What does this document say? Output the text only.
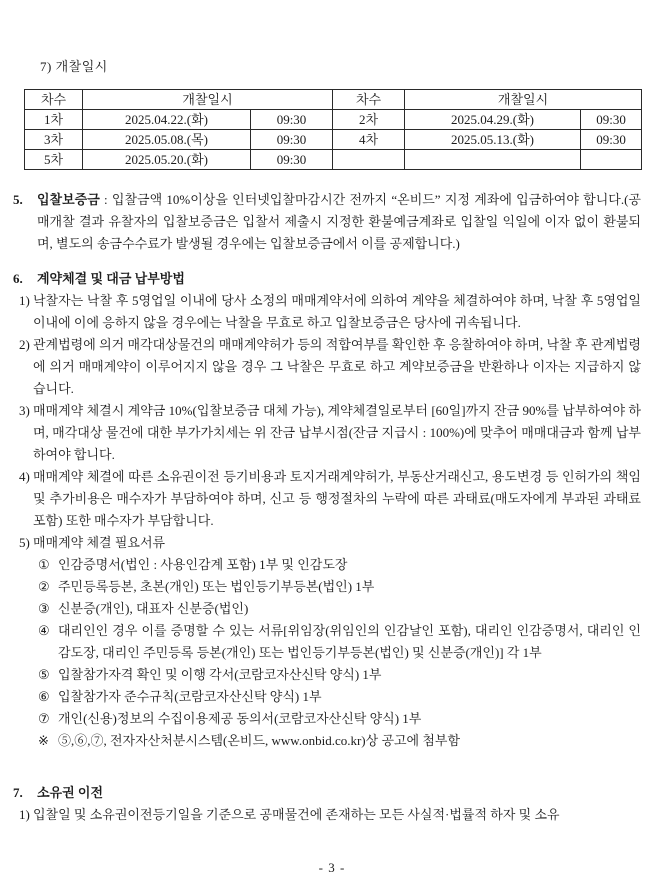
7) 개찰일시
차수	개찰일시		차수	개찰일시	
1차	2025.04.22.(화)	09:30	2차	2025.04.29.(화)	09:30
3차	2025.05.08.(목)	09:30	4차	2025.05.13.(화)	09:30
5차	2025.05.20.(화)	09:30			
5. 입찰보증금 : 입찰금액 10%이상을 인터넷입찰마감시간 전까지 “온비드” 지정 계좌에 입금하여야 합니다.(공매개찰 결과 유찰자의 입찰보증금은 입찰서 제출시 지정한 환불예금계좌로 입찰일 익일에 이자 없이 환불되며, 별도의 송금수수료가 발생될 경우에는 입찰보증금에서 이를 공제합니다.)
6. 계약체결 및 대금 납부방법
1) 낙찰자는 낙찰 후 5영업일 이내에 당사 소정의 매매계약서에 의하여 계약을 체결하여야 하며, 낙찰 후 5영업일 이내에 이에 응하지 않을 경우에는 낙찰을 무효로 하고 입찰보증금은 당사에 귀속됩니다.
2) 관계법령에 의거 매각대상물건의 매매계약허가 등의 적합여부를 확인한 후 응찰하여야 하며, 낙찰 후 관계법령에 의거 매매계약이 이루어지지 않을 경우 그 낙찰은 무효로 하고 계약보증금을 반환하나 이자는 지급하지 않습니다.
3) 매매계약 체결시 계약금 10%(입찰보증금 대체 가능), 계약체결일로부터 [60일]까지 잔금 90%를 납부하여야 하며, 매각대상 물건에 대한 부가가치세는 위 잔금 납부시점(잔금 지급시 : 100%)에 맞추어 매매대금과 함께 납부하여야 합니다.
4) 매매계약 체결에 따른 소유권이전 등기비용과 토지거래계약허가, 부동산거래신고, 용도변경 등 인허가의 책임 및 추가비용은 매수자가 부담하여야 하며, 신고 등 행정절차의 누락에 따른 과태료(매도자에게 부과된 과태료 포함) 또한 매수자가 부담합니다.
5) 매매계약 체결 필요서류
① 인감증명서(법인 : 사용인감계 포함) 1부 및 인감도장
② 주민등록등본, 초본(개인) 또는 법인등기부등본(법인) 1부
③ 신분증(개인), 대표자 신분증(법인)
④ 대리인인 경우 이를 증명할 수 있는 서류[위임장(위임인의 인감날인 포함), 대리인 인감증명서, 대리인 인감도장, 대리인 주민등록 등본(개인) 또는 법인등기부등본(법인) 및 신분증(개인)] 각 1부
⑤ 입찰참가자격 확인 및 이행 각서(코람코자산신탁 양식) 1부
⑥ 입찰참가자 준수규칙(코람코자산신탁 양식) 1부
⑦ 개인(신용)정보의 수집이용제공 동의서(코람코자산신탁 양식) 1부
※ ⑤,⑥,⑦, 전자자산처분시스템(온비드, www.onbid.co.kr)상 공고에 첨부함
7. 소유권 이전
1) 입찰일 및 소유권이전등기일을 기준으로 공매물건에 존재하는 모든 사실적·법률적 하자 및 소유
- 3 -
